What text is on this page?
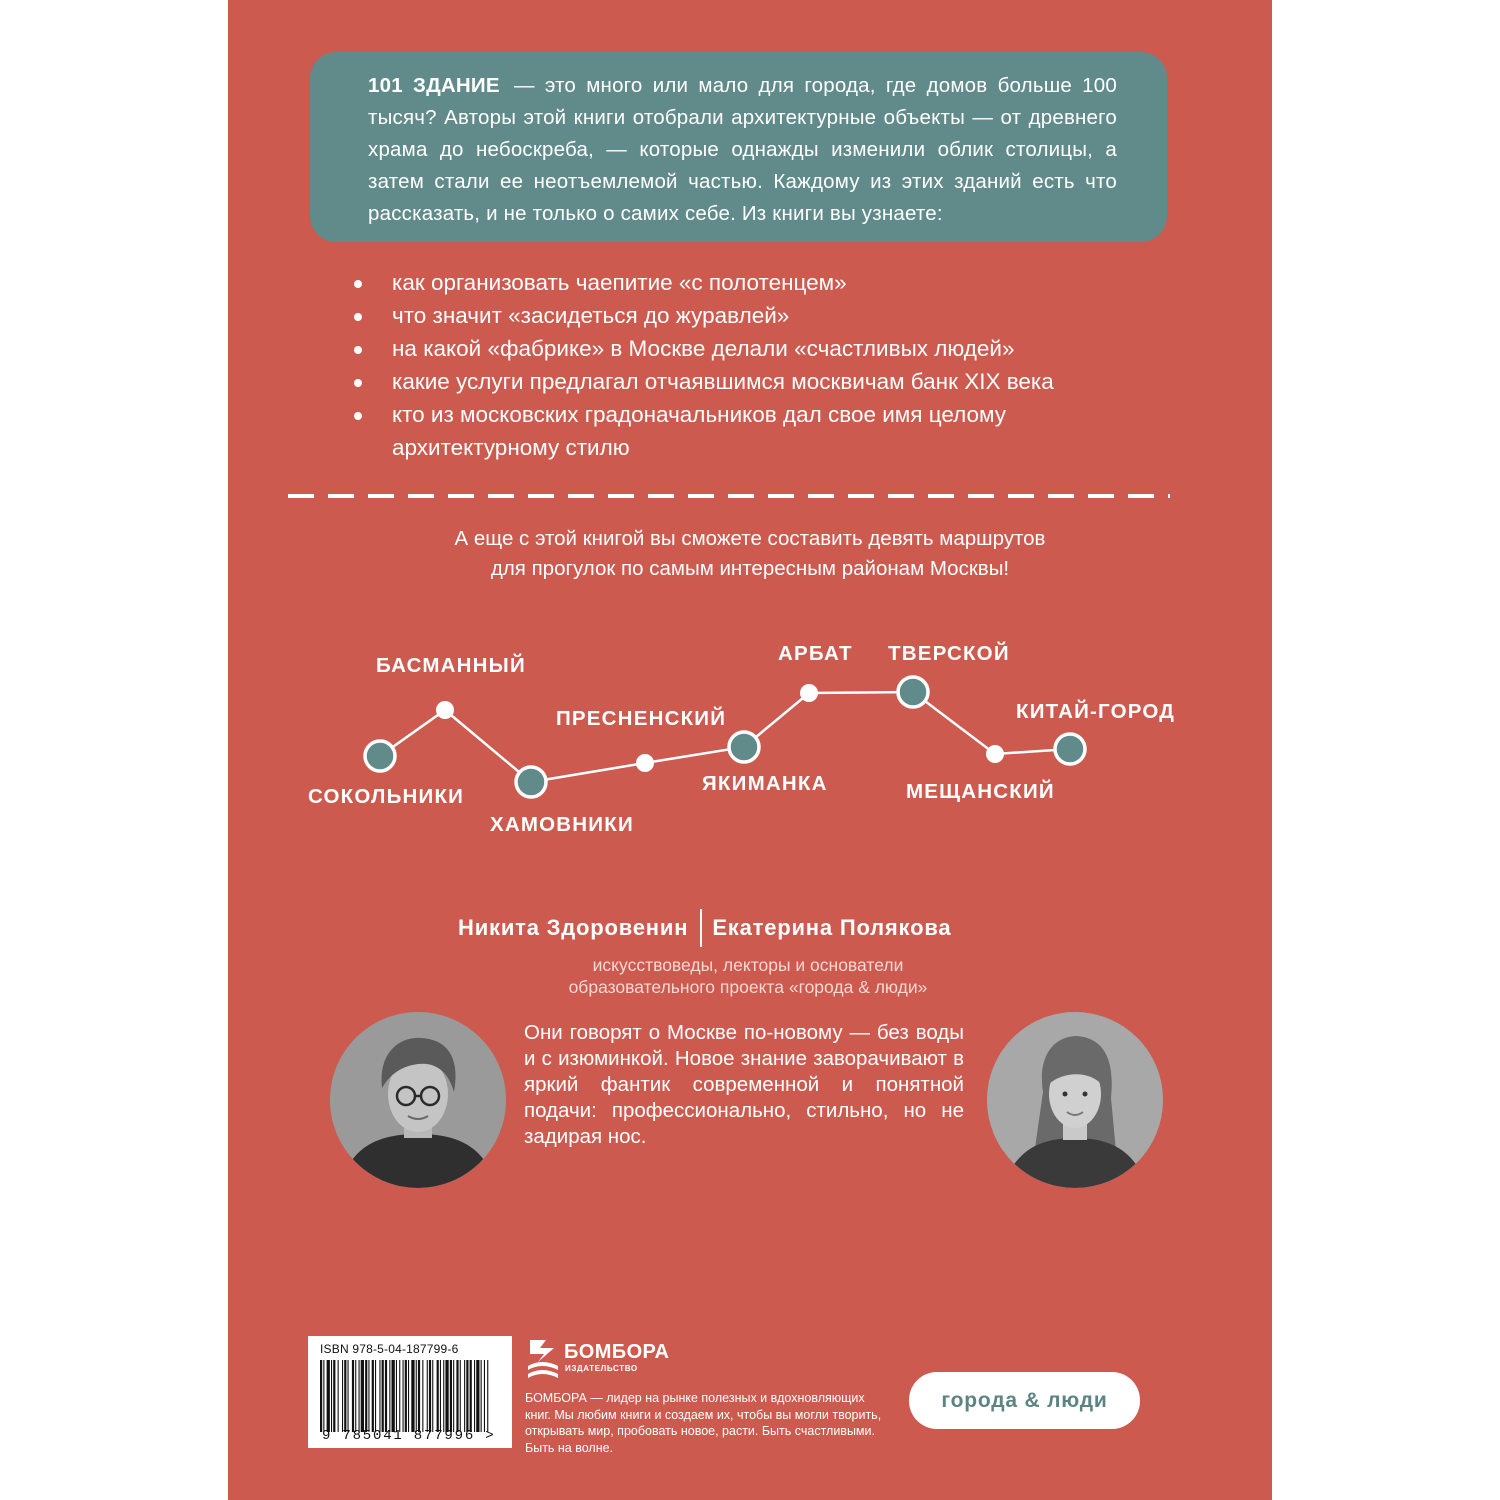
101 ЗДАНИЕ — это много или мало для города, где домов больше 100 тысяч? Авторы этой книги отобрали архитектурные объекты — от древнего храма до небоскреба, — которые однажды изменили облик столицы, а затем стали ее неотъемлемой частью. Каждому из этих зданий есть что рассказать, и не только о самих себе. Из книги вы узнаете:
как организовать чаепитие «с полотенцем»
что значит «засидеться до журавлей»
на какой «фабрике» в Москве делали «счастливых людей»
какие услуги предлагал отчаявшимся москвичам банк XIX века
кто из московских градоначальников дал свое имя целому архитектурному стилю
А еще с этой книгой вы сможете составить девять маршрутов
для прогулок по самым интересным районам Москвы!
СОКОЛЬНИКИ
БАСМАННЫЙ
ХАМОВНИКИ
ПРЕСНЕНСКИЙ
ЯКИМАНКА
АРБАТ ТВЕРСКОЙ
МЕЩАНСКИЙ
КИТАЙ-ГОРОД
Никита Здоровенин Екатерина Полякова
искусствоведы, лекторы и основатели
образовательного проекта «города & люди»
Они говорят о Москве по-новому — без воды и с изюминкой. Новое знание заворачивают в яркий фантик современной и понятной подачи: профессионально, стильно, но не задирая нос.
ISBN 978-5-04-187799-6
9 785041 877996 >
БОМБОРА
ИЗДАТЕЛЬСТВО
БОМБОРА — лидер на рынке полезных и вдохновляющих книг. Мы любим книги и создаем их, чтобы вы могли творить, открывать мир, пробовать новое, расти. Быть счастливыми. Быть на волне.
города & люди
